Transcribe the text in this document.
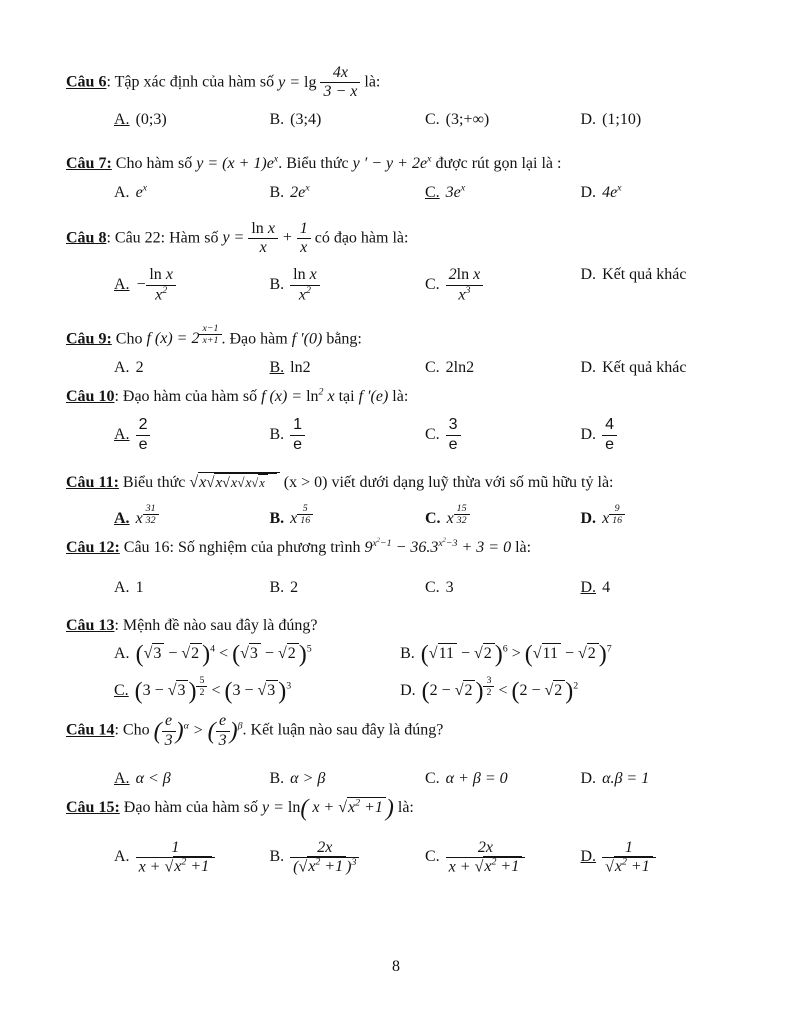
Câu 6: Tập xác định của hàm số $y = \lg \frac{4x}{3 - x}$ là:
A. (0;3)	B. (3;4)	C. (3;+∞)	D. (1;10)
Câu 7: Cho hàm số $y = (x + 1)e^x$. Biểu thức y ′ − $y + 2e^x$ được rút gọn lại là :
A. $e^x$	B. $2e^x$	C. $3e^x$	D. $4e^x$
Câu 8: Câu 22: Hàm số $y = \frac{\text{ln x}}{x} + \frac{1}{x}$ có đạo hàm là:
A. − $\frac{\text{ln x}}{x^2}$	B. $\frac{\text{ln x}}{x^2}$	C. $\frac{\text{2ln x}}{x^3}$	D. Kết quả khác
Câu 9: Cho f (x) = 2 $^{\frac{x-1}{x+1}}$ . Đạo hàm f ′(0) bằng:
A. 2	B. ln2	C. 2ln2	D. Kết quả khác
Câu 10: Đạo hàm của hàm số f $(x) = \ln^2 x$ tại f ′(e) là:
A. $\frac{2}{e}$	B. $\frac{1}{e}$	C. $\frac{3}{e}$	D. $\frac{4}{e}$
Câu 11: Biểu thức √x√x√x√x√x (x > 0) viết dưới dạng luỹ thừa với số mũ hữu tỷ là:
A. x $^{\frac{31}{32}}$	B. x $^{\frac{5}{16}}$	C. x $^{\frac{15}{32}}$	D. x $^{\frac{9}{16}}$
Câu 12: Câu 16: Số nghiệm của phương trình $9^{x^2-1} - 36.3^{x^2-3} + 3 = 0$ là:
A. 1	B. 2	C. 3	D. 4
Câu 13: Mệnh đề nào sau đây là đúng?
A. (√3 − √2 )$^4$ < (√3 − √2 )$^5$	B. (√11 − √2 )$^6$ > (√11 − √2 )$^7$
C. (3 − √3 ) $^{\frac{5}{2}}$ < (3 − √3 )$^3$	D. (2 − √2 ) $^{\frac{3}{2}}$ < (2 − √2 )$^2$
Câu 14: Cho ( $\frac{e}{3} )^\alpha$ > ( $\frac{e}{3} )^\beta$. Kết luận nào sau đây là đúng?
A. α < β	B. α > β	C. α + β = 0	D. α.β = 1
Câu 15: Đạo hàm của hàm số y = ln( $x + √x^2 +1$ ) là:
A. $\frac{1}{x + √x^2 +1}$	B. $\frac{2x}{(√x^2 +1 )^3}$	C. $\frac{2x}{x + √x^2 +1}$	D. $\frac{1}{√x^2 +1}$
8
